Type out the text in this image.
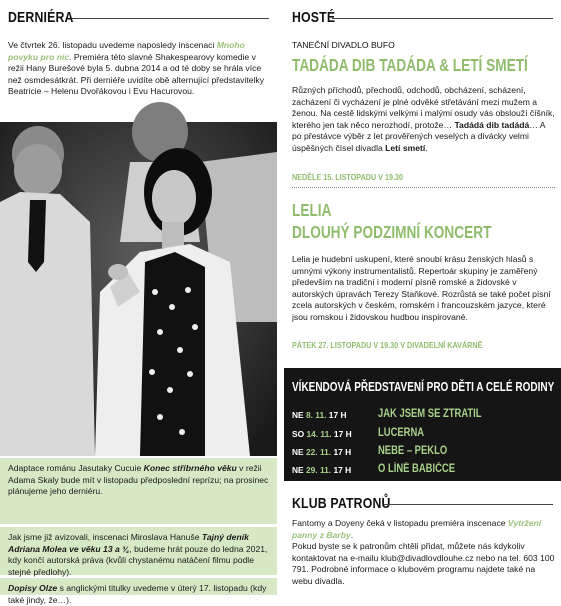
DERNIÉRA
Ve čtvrtek 26. listopadu uvedeme naposledy inscenaci Mnoho povyku pro nic. Premiéra této slavné Shakespearovy komedie v režii Hany Burešové byla 5. dubna 2014 a od té doby se hrála více než osmdesátkrát. Při derniéře uvidíte obě alternující představitelky Beatricie – Helenu Dvořákovou i Evu Hacurovou.
Adaptace románu Jasutaky Cucuie Konec stříbrného věku v režii Adama Skaly bude mít v listopadu předposlední reprízu; na prosinec plánujeme jeho derniéru.
Jak jsme již avizovali, inscenaci Miroslava Hanuše Tajný deník Adriana Molea ve věku 13 a ¾, budeme hrát pouze do ledna 2021, kdy končí autorská práva (kvůli chystanému natáčení filmu podle stejné předlohy).
Dopisy Olze s anglickými titulky uvedeme v úterý 17. listopadu (kdy také jindy, že…).
HOSTÉ
TANEČNÍ DIVADLO BUFO
TADÁDA DIB TADÁDA & LETÍ SMETÍ
Různých příchodů, přechodů, odchodů, obcházení, scházení, zacházení či vycházení je plné odvěké střetávání mezi mužem a ženou. Na cestě lidskými velkými i malými osudy vás obslouží číšník, kterého jen tak něco nerozhodí, protože… Tadádá dib tadádá… A po přestávce výběr z let prověřených veselých a divácky velmi úspěšných čísel divadla Letí smetí.
NEDĚLE 15. LISTOPADU V 19.30
LELIA
DLOUHÝ PODZIMNÍ KONCERT
Lelia je hudební uskupení, které snoubí krásu ženských hlasů s umnými výkony instrumentalistů. Repertoár skupiny je zaměřený především na tradiční i moderní písně romské a židovské v autorských úpravách Terezy Staňkové. Rozrůstá se také počet písní zcela autorských v českém, romském i francouzském jazyce, které jsou romskou i židovskou hudbou inspirované.
PÁTEK 27. LISTOPADU V 19.30 V DIVADELNÍ KAVÁRNĚ
VÍKENDOVÁ PŘEDSTAVENÍ PRO DĚTI A CELÉ RODINY
NE 8. 11. 17 H	JAK JSEM SE ZTRATIL
SO 14. 11. 17 H LUCERNA
NE 22. 11. 17 H NEBE – PEKLO
NE 29. 11. 17 H O LÍNÉ BABIČCE
KLUB PATRONŮ
Fantomy a Doyeny čeká v listopadu premiéra inscenace Vytržení panny z Barby.
Pokud byste se k patronům chtěli přidat, můžete nás kdykoliv kontaktovat na e-mailu klub@divadlovdlouhe.cz nebo na tel. 603 100 791. Podrobné informace o klubovém programu najdete také na webu divadla.
